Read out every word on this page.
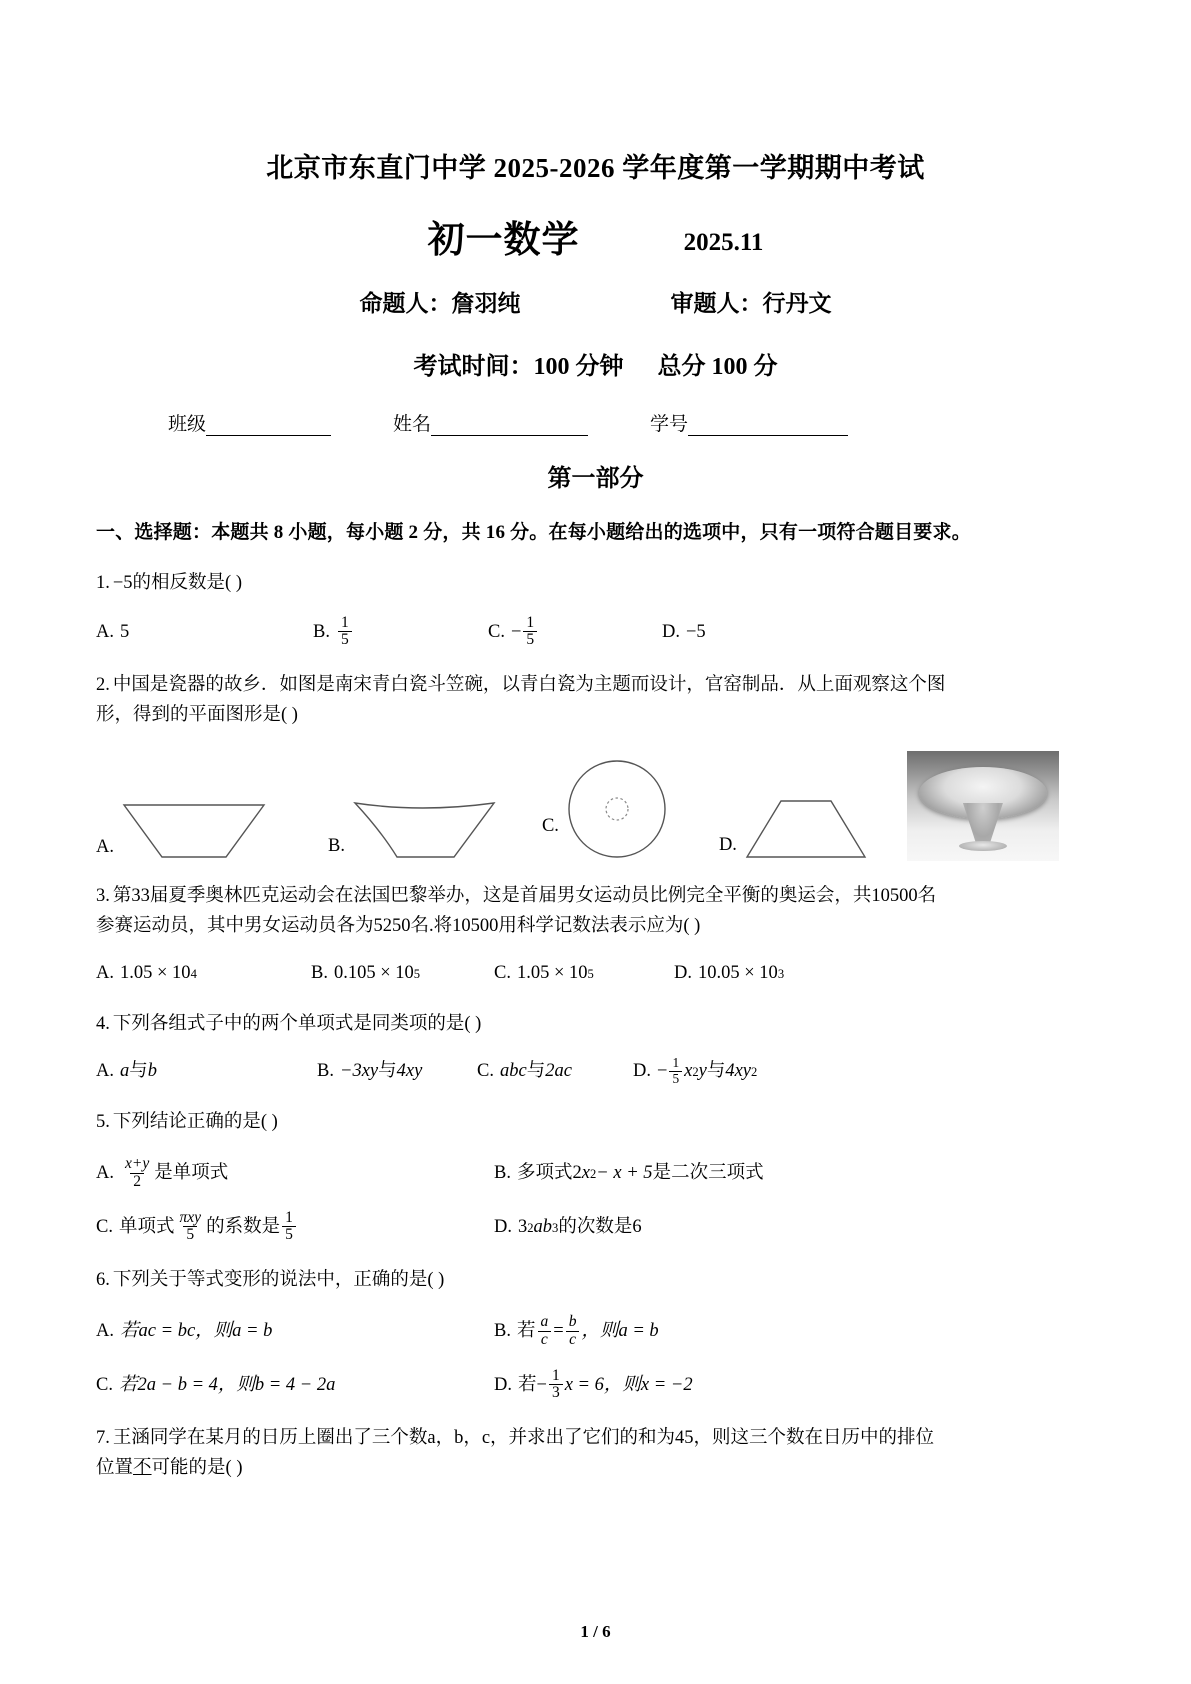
北京市东直门中学 2025-2026 学年度第一学期期中考试
初一数学	2025.11
命题人：詹羽纯	审题人：行丹文
考试时间：100 分钟 总分 100 分
班级	姓名	学号
第一部分
一、选择题：本题共 8 小题，每小题 2 分，共 16 分。在每小题给出的选项中，只有一项符合题目要求。
1. −5的相反数是( )
A. 5	B. $\frac{1}{5}$	C. − $\frac{1}{5}$	D. −5
2. 中国是瓷器的故乡．如图是南宋青白瓷斗笠碗，以青白瓷为主题而设计，官窑制品．从上面观察这个图
形，得到的平面图形是( )
A.	B.
C.
D.
3. 第33届夏季奥林匹克运动会在法国巴黎举办，这是首届男女运动员比例完全平衡的奥运会，共10500名
参赛运动员，其中男女运动员各为5250名.将10500用科学记数法表示应为( )
A. 1.05 × 10 4	B. 0.105 × 10 5	C. 1.05 × 10 5	D. 10.05 × 10 3
4. 下列各组式子中的两个单项式是同类项的是( )
A. a 与 b	B. −3xy 与 4xy	C. abc 与 2ac	D. − $\frac{1}{5}$ x 2 y 与 4xy 2
5. 下列结论正确的是( )
A. $\frac{x+y}{2}$ 是单项式	B. 多项式2 x 2 − x + 5 是二次三项式
C. 单项式 $\frac{\text{πxy}}{5}$ 的系数是 $\frac{1}{5}$	D. 3 2 ab 3 的次数是6
6. 下列关于等式变形的说法中，正确的是( )
A. 若ac = bc，则a = b	B. 若 $\frac{a}{c} = \frac{b}{c}$ ，则a = b
C. 若2a − b = 4，则b = 4 − 2a	D. 若− $\frac{1}{3}$ x = 6，则x = −2
7. 王涵同学在某月的日历上圈出了三个数a，b，c，并求出了它们的和为45，则这三个数在日历中的排位
位置不可能的是( )
1 / 6
